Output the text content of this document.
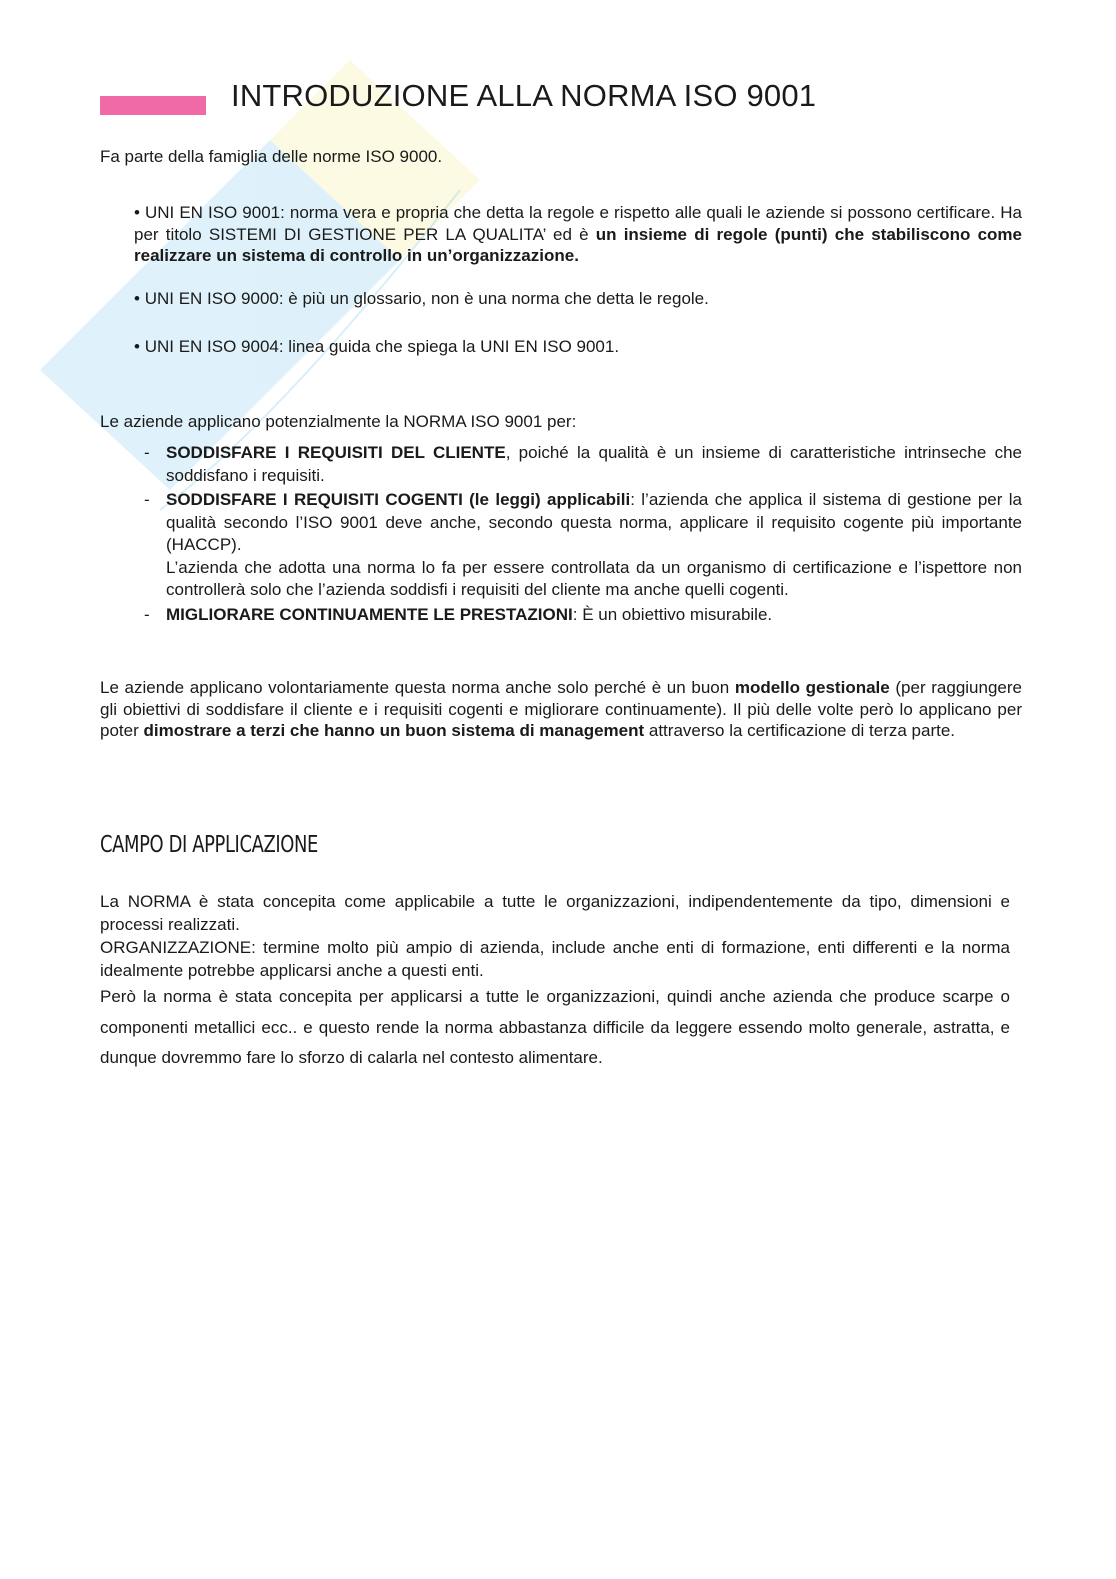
INTRODUZIONE ALLA NORMA ISO 9001

Fa parte della famiglia delle norme ISO 9000.

• UNI EN ISO 9001: norma vera e propria che detta la regole e rispetto alle quali le aziende si possono certificare. Ha per titolo SISTEMI DI GESTIONE PER LA QUALITA’ ed è un insieme di regole (punti) che stabiliscono come realizzare un sistema di controllo in un’organizzazione.

• UNI EN ISO 9000: è più un glossario, non è una norma che detta le regole.

• UNI EN ISO 9004: linea guida che spiega la UNI EN ISO 9001.

Le aziende applicano potenzialmente la NORMA ISO 9001 per:

- SODDISFARE I REQUISITI DEL CLIENTE, poiché la qualità è un insieme di caratteristiche intrinseche che soddisfano i requisiti.
- SODDISFARE I REQUISITI COGENTI (le leggi) applicabili: l’azienda che applica il sistema di gestione per la qualità secondo l’ISO 9001 deve anche, secondo questa norma, applicare il requisito cogente più importante (HACCP).
L’azienda che adotta una norma lo fa per essere controllata da un organismo di certificazione e l’ispettore non controllerà solo che l’azienda soddisfi i requisiti del cliente ma anche quelli cogenti.
- MIGLIORARE CONTINUAMENTE LE PRESTAZIONI: È un obiettivo misurabile.

Le aziende applicano volontariamente questa norma anche solo perché è un buon modello gestionale (per raggiungere gli obiettivi di soddisfare il cliente e i requisiti cogenti e migliorare continuamente). Il più delle volte però lo applicano per poter dimostrare a terzi che hanno un buon sistema di management attraverso la certificazione di terza parte.

CAMPO DI APPLICAZIONE

La NORMA è stata concepita come applicabile a tutte le organizzazioni, indipendentemente da tipo, dimensioni e processi realizzati.
ORGANIZZAZIONE: termine molto più ampio di azienda, include anche enti di formazione, enti differenti e la norma idealmente potrebbe applicarsi anche a questi enti.

Però la norma è stata concepita per applicarsi a tutte le organizzazioni, quindi anche azienda che produce scarpe o componenti metallici ecc.. e questo rende la norma abbastanza difficile da leggere essendo molto generale, astratta, e dunque dovremmo fare lo sforzo di calarla nel contesto alimentare.
